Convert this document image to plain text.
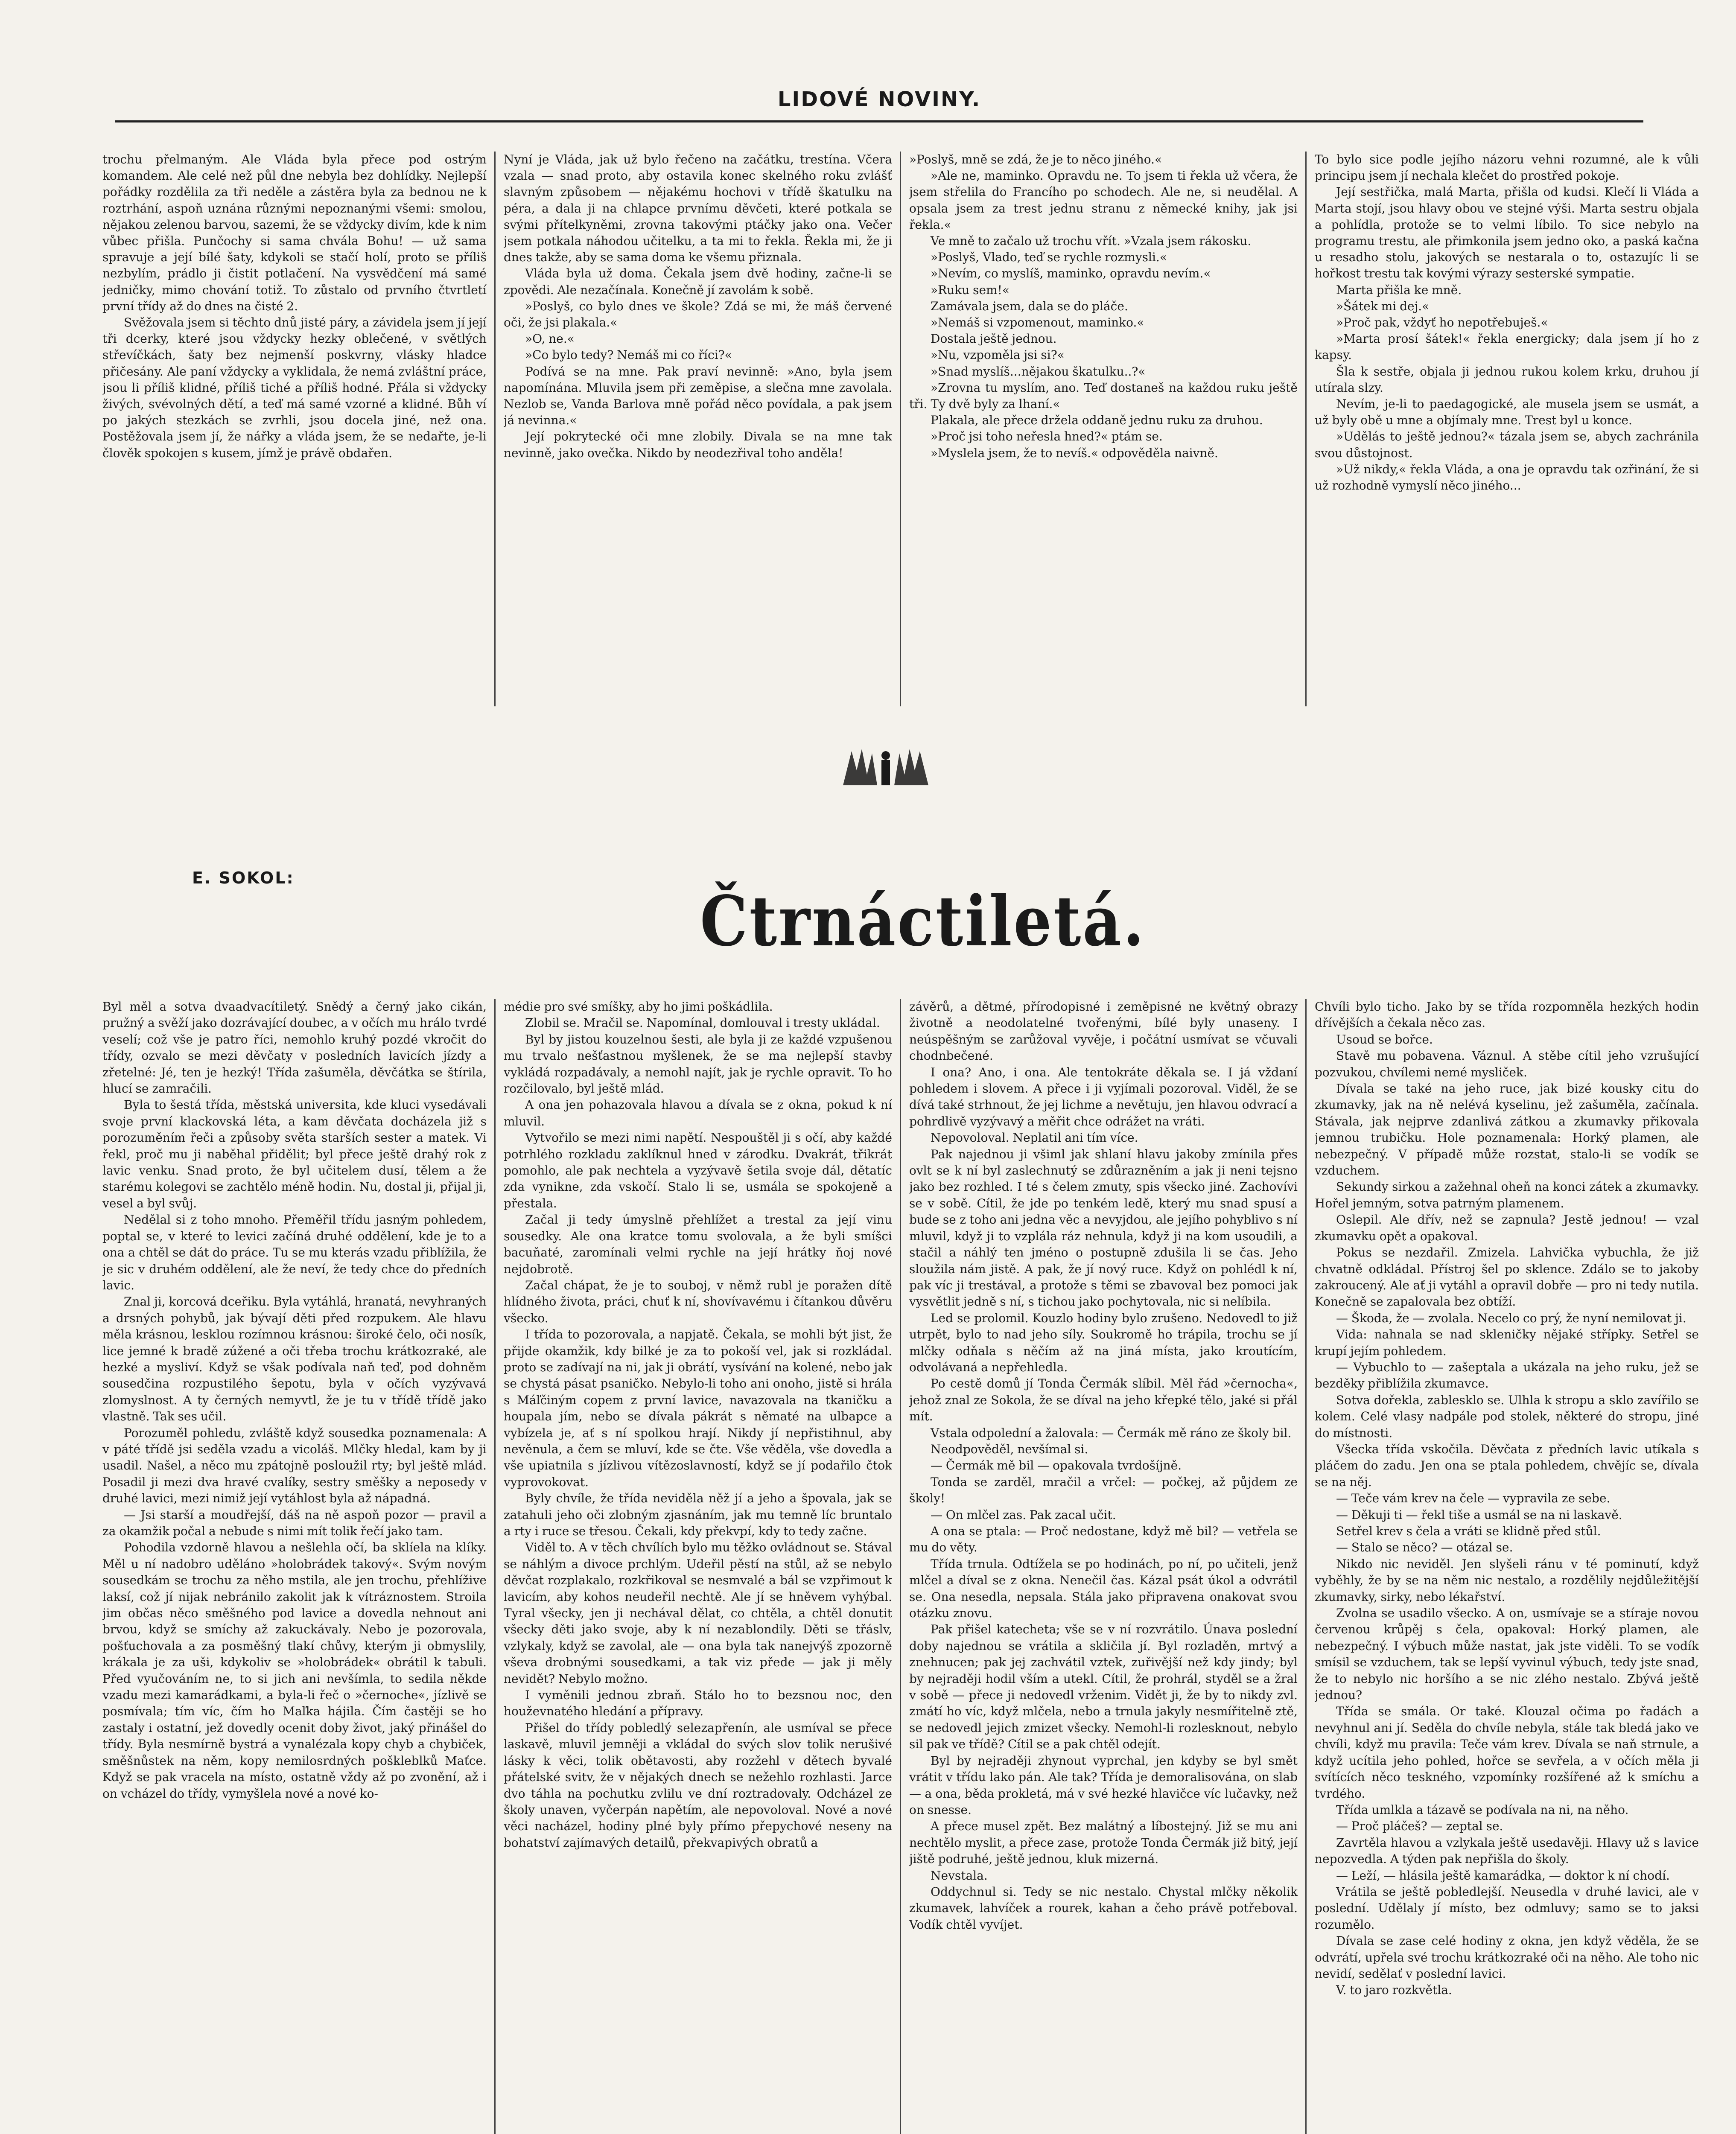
LIDOVÉ NOVINY.

trochu přelmaným. Ale Vláda byla přece pod ostrým komandem. Ale celé než půl dne nebyla bez dohlídky. Nejlepší pořádky rozdělila za tři neděle a zástěra byla za bednou ne k roztrhání, aspoň uznána různými nepoznanými všemi: smolou, nějakou zelenou barvou, sazemi, že se vždycky divím, kde k nim vůbec přišla. Punčochy si sama chvála Bohu! — už sama spravuje a její bílé šaty, kdykoli se stačí holí, proto se příliš nezbylím, prádlo ji čistit potlačení. Na vysvědčení má samé jedničky, mimo chování totiž. To zůstalo od prvního čtvrtletí první třídy až do dnes na čisté 2.

Svěžovala jsem si těchto dnů jisté páry, a závidela jsem jí její tři dcerky, které jsou vždycky hezky oblečené, v světlých střevíčkách, šaty bez nejmenší poskvrny, vlásky hladce přičesány. Ale paní vždycky a vyklidala, že nemá zvláštní práce, jsou li příliš klidné, příliš tiché a příliš hodné. Přála si vždycky živých, svévolných dětí, a teď má samé vzorné a klidné. Bůh ví po jakých stezkách se zvrhli, jsou docela jiné, než ona. Postěžovala jsem jí, že nářky a vláda jsem, že se nedařte, je-li člověk spokojen s kusem, jímž je právě obdařen.

Nyní je Vláda, jak už bylo řečeno na začátku, trestína. Včera vzala — snad proto, aby ostavila konec skelného roku zvlášť slavným způsobem — nějakému hochovi v třídě škatulku na péra, a dala ji na chlapce prvnímu děvčeti, které potkala se svými přítelkyněmi, zrovna takovými ptáčky jako ona. Večer jsem potkala náhodou učitelku, a ta mi to řekla. Řekla mi, že ji dnes takže, aby se sama doma ke všemu přiznala.

Vláda byla už doma. Čekala jsem dvě hodiny, začne-li se zpovědi. Ale nezačínala. Konečně jí zavolám k sobě.

»Poslyš, co bylo dnes ve škole? Zdá se mi, že máš červené oči, že jsi plakala.«

»O, ne.«

»Co bylo tedy? Nemáš mi co říci?«

Podívá se na mne. Pak praví nevinně: »Ano, byla jsem napomínána. Mluvila jsem při zeměpise, a slečna mne zavolala. Nezlob se, Vanda Barlova mně pořád něco povídala, a pak jsem já nevinna.«

Její pokrytecké oči mne zlobily. Divala se na mne tak nevinně, jako ovečka. Nikdo by neodezřival toho anděla!

»Poslyš, mně se zdá, že je to něco jiného.«

»Ale ne, maminko. Opravdu ne. To jsem ti řekla už včera, že jsem střelila do Francího po schodech. Ale ne, si neudělal. A opsala jsem za trest jednu stranu z německé knihy, jak jsi řekla.«

Ve mně to začalo už trochu vřít. »Vzala jsem rákosku.

»Poslyš, Vlado, teď se rychle rozmysli.«

»Nevím, co myslíš, maminko, opravdu nevím.«

»Ruku sem!«

Zamávala jsem, dala se do pláče.

»Nemáš si vzpomenout, maminko.«

Dostala ještě jednou.

»Nu, vzpoměla jsi si?«

»Snad myslíš...nějakou škatulku..?«

»Zrovna tu myslím, ano. Teď dostaneš na každou ruku ještě tři. Ty dvě byly za lhaní.«

Plakala, ale přece držela oddaně jednu ruku za druhou.

»Proč jsi toho neřesla hned?« ptám se.

»Myslela jsem, že to nevíš.« odpověděla naivně.

To bylo sice podle jejího názoru vehni rozumné, ale k vůli principu jsem jí nechala klečet do prostřed pokoje.

Její sestřička, malá Marta, přišla od kudsi. Klečí li Vláda a Marta stojí, jsou hlavy obou ve stejné výši. Marta sestru objala a pohlídla, protože se to velmi líbilo. To sice nebylo na programu trestu, ale přimkonila jsem jedno oko, a paská kačna u resadho stolu, jakových se nestarala o to, ostazujíc li se hořkost trestu tak kovými výrazy sesterské sympatie.

Marta přišla ke mně.

»Šátek mi dej.«

»Proč pak, vždyť ho nepotřebuješ.«

»Marta prosí šátek!« řekla energicky; dala jsem jí ho z kapsy.

Šla k sestře, objala ji jednou rukou kolem krku, druhou jí utírala slzy.

Nevím, je-li to paedagogické, ale musela jsem se usmát, a už byly obě u mne a objímaly mne. Trest byl u konce.

»Udělás to ještě jednou?« tázala jsem se, abych zachránila svou důstojnost.

»Už nikdy,« řekla Vláda, a ona je opravdu tak ozřinání, že si už rozhodně vymyslí něco jiného...

E. SOKOL:
Čtrnáctiletá.

Byl měl a sotva dvaadvacítiletý. Snědý a černý jako cikán, pružný a svěží jako dozrávající doubec, a v očích mu hrálo tvrdé veselí; což vše je patro říci, nemohlo kruhý pozdé vkročit do třídy, ozvalo se mezi děvčaty v posledních lavicích jízdy a zřetelné: Jé, ten je hezký! Třída zašuměla, děvčátka se štírila, hlucí se zamračili.

Byla to šestá třída, městská universita, kde kluci vysedávali svoje první klackovská léta, a kam děvčata docházela již s porozuměním řeči a způsoby světa starších sester a matek. Vi řekl, proč mu ji naběhal přidělit; byl přece ještě drahý rok z lavic venku. Snad proto, že byl učitelem dusí, tělem a že starému kolegovi se zachtělo méně hodin. Nu, dostal ji, přijal ji, vesel a byl svůj.

Nedělal si z toho mnoho. Přeměřil třídu jasným pohledem, poptal se, v které to levici začíná druhé oddělení, kde je to a ona a chtěl se dát do práce. Tu se mu kterás vzadu přiblížila, že je sic v druhém oddělení, ale že neví, že tedy chce do předních lavic.

Znal ji, korcová dceřiku. Byla vytáhlá, hranatá, nevyhraných a drsných pohybů, jak bývají děti před rozpukem. Ale hlavu měla krásnou, lesklou rozímnou krásnou: široké čelo, oči nosík, lice jemné k bradě zúžené a oči třeba trochu krátkozraké, ale hezké a mysliví. Když se však podívala naň teď, pod dohněm sousedčina rozpustilého šepotu, byla v očích vyzývavá zlomyslnost. A ty černých nemyvtl, že je tu v třídě třídě jako vlastně. Tak ses učil.

Porozuměl pohledu, zvláště když sousedka poznamenala: A v páté třídě jsi seděla vzadu a vicoláš. Mlčky hledal, kam by ji usadil. Našel, a něco mu zpátojně posloužil rty; byl ještě mlád. Posadil ji mezi dva hravé cvalíky, sestry směšky a neposedy v druhé lavici, mezi nimiž její vytáhlost byla až nápadná.

— Jsi starší a moudřejší, dáš na ně aspoň pozor — pravil a za okamžik počal a nebude s nimi mít tolik řečí jako tam.

Pohodila vzdorně hlavou a nešlehla očí, ba sklíela na klíky. Měl u ní nadobro uděláno »holobrádek takový«. Svým novým sousedkám se trochu za něho mstila, ale jen trochu, přehlížive laksí, což jí nijak nebránilo zakolit jak k vítráznostem. Stroila jim občas něco směšného pod lavice a dovedla nehnout ani brvou, když se smíchy až zakuckávaly. Nebo je pozorovala, pošťuchovala a za posměšný tlakí chůvy, kterým ji obmyslily, krákala je za uši, kdykoliv se »holobrádek« obrátil k tabuli. Před vyučováním ne, to si jich ani nevšímla, to sedila někde vzadu mezi kamarádkami, a byla-li řeč o »černoche«, jízlivě se posmívala; tím víc, čím ho Maľka hájila. Čím častěji se ho zastaly i ostatní, jež dovedly ocenit doby život, jaký přinášel do třídy. Byla nesmírně bystrá a vynalézala kopy chyb a chybiček, směšnůstek na něm, kopy nemilosrdných poškleblků Maťce. Když se pak vracela na místo, ostatně vždy až po zvonění, až i on vcházel do třídy, vymyšlela nové a nové ko-

médie pro své smíšky, aby ho jimi poškádlila.

Zlobil se. Mračil se. Napomínal, domlouval i tresty ukládal.

Byl by jistou kouzelnou šesti, ale byla ji ze každé vzpušenou mu trvalo nešťastnou myšlenek, že se ma nejlepší stavby vykládá rozpadávaly, a nemohl najít, jak je rychle opravit. To ho rozčilovalo, byl ještě mlád.

A ona jen pohazovala hlavou a dívala se z okna, pokud k ní mluvil.

Vytvořilo se mezi nimi napětí. Nespouštěl ji s očí, aby každé potrhlého rozkladu zaklíknul hned v zárodku. Dvakrát, třikrát pomohlo, ale pak nechtela a vyzývavě šetila svoje dál, dětatíc zda vynikne, zda vskočí. Stalo li se, usmála se spokojeně a přestala.

Začal ji tedy úmyslně přehlížet a trestal za její vinu sousedky. Ale ona kratce tomu svolovala, a že byli smíšci bacuňaté, zaromínali velmi rychle na její hrátky ňoj nové nejdobrotě.

Začal chápat, že je to souboj, v němž rubl je poražen dítě hlídného života, práci, chuť k ní, shovívavému i čítankou důvěru všecko.

I třída to pozorovala, a napjatě. Čekala, se mohli být jist, že přijde okamžik, kdy bilké je za to pokoší vel, jak si rozkládal. proto se zadívají na ni, jak ji obrátí, vysívání na kolené, nebo jak se chystá pásat psaničko. Nebylo-li toho ani onoho, jistě si hrála s Máľčiným copem z první lavice, navazovala na tkaničku a houpala jím, nebo se dívala pákrát s němaté na ulbapce a vybízela je, ať s ní spolkou hrají. Nikdy jí nepřistihnul, aby nevěnula, a čem se mluví, kde se čte. Vše věděla, vše dovedla a vše upiatnila s jízlivou vítězoslavností, když se jí podařilo čtok vyprovokovat.

Byly chvíle, že třída neviděla něž jí a jeho a špovala, jak se zatahuli jeho oči zlobným zjasnáním, jak mu temně líc bruntalo a rty i ruce se třesou. Čekali, kdy překvpí, kdy to tedy začne.

Viděl to. A v těch chvílích bylo mu těžko ovládnout se. Stával se náhlým a divoce prchlým. Udeřil pěstí na stůl, až se nebylo děvčat rozplakalo, rozkřikoval se nesmvalé a bál se vzpřimout k lavicím, aby kohos neudeřil nechtě. Ale jí se hněvem vyhýbal. Tyral všecky, jen ji nechával dělat, co chtěla, a chtěl donutit všecky děti jako svoje, aby k ní nezablondily. Děti se třáslv, vzlykaly, když se zavolal, ale — ona byla tak nanejvýš zpozorně vševa drobnými sousedkami, a tak viz přede — jak ji měly nevidět? Nebylo možno.

I vyměnili jednou zbraň. Stálo ho to bezsnou noc, den houževnatého hledání a přípravy.

Přišel do třídy pobledlý selezapřenín, ale usmíval se přece laskavě, mluvil jemněji a vkládal do svých slov tolik nerušivé lásky k věci, tolik obětavosti, aby rozžehl v dětech byvalé přátelské svitv, že v nějakých dnech se nežehlo rozhlasti. Jarce dvo táhla na pochutku zvlilu ve dní roztradovaly. Odcházel ze školy unaven, vyčerpán napětím, ale nepovoloval. Nové a nové věci nacházel, hodiny plné byly přímo přepychové neseny na bohatství zajímavých detailů, překvapivých obratů a

závěrů, a dětmé, přírodopisné i zeměpisné ne květný obrazy životně a neodolatelné tvořenými, bílé byly unaseny. I neúspěšným se zarůžoval vyvěje, i počátní usmívat se včuvali chodnbečené.

I ona? Ano, i ona. Ale tentokráte děkala se. I já vždaní pohledem i slovem. A přece i ji vyjímali pozoroval. Viděl, že se dívá také strhnout, že jej lichme a nevětuju, jen hlavou odvrací a pohrdlivě vyzývavý a měřit chce odrážet na vráti.

Nepovoloval. Neplatil ani tím více.

Pak najednou ji všiml jak shlaní hlavu jakoby zmínila přes ovlt se k ní byl zaslechnutý se zdůrazněním a jak ji neni tejsno jako bez rozhled. I té s čelem zmuty, spis všecko jiné. Zachovívi se v sobě. Cítil, že jde po tenkém ledě, který mu snad spusí a bude se z toho ani jedna věc a nevyjdou, ale jejího pohyblivo s ní mluvil, když ji to vzplála ráz nehnula, když ji na kom usoudili, a stačil a náhlý ten jméno o postupně zdušila li se čas. Jeho sloužila nám jistě. A pak, že jí nový ruce. Když on pohlédl k ní, pak víc ji trestával, a protože s těmi se zbavoval bez pomoci jak vysvětlit jedně s ní, s tichou jako pochytovala, nic si nelíbila.

Led se prolomil. Kouzlo hodiny bylo zrušeno. Nedovedl to již utrpět, bylo to nad jeho síly. Soukromě ho trápila, trochu se jí mlčky odňala s něčím až na jiná místa, jako kroutícím, odvolávaná a nepřehledla.

Po cestě domů jí Tonda Čermák slíbil. Měl řád »černocha«, jehož znal ze Sokola, že se díval na jeho křepké tělo, jaké si přál mít.

Vstala odpolední a žalovala: — Čermák mě ráno ze školy bil.

Neodpověděl, nevšímal si.

— Čermák mě bil — opakovala tvrdošíjně.

Tonda se zarděl, mračil a vrčel: — počkej, až půjdem ze školy!

— On mlčel zas. Pak zacal učit.

A ona se ptala: — Proč nedostane, když mě bil? — vetřela se mu do věty.

Třída trnula. Odtížela se po hodinách, po ní, po učiteli, jenž mlčel a díval se z okna. Nenečil čas. Kázal psát úkol a odvrátil se. Ona nesedla, nepsala. Stála jako připravena onakovat svou otázku znovu.

Pak přišel katecheta; vše se v ní rozvrátilo. Únava poslední doby najednou se vrátila a skličila jí. Byl rozladěn, mrtvý a znehnucen; pak jej zachvátil vztek, zuřivější než kdy jindy; byl by nejraději hodil vším a utekl. Cítil, že prohrál, styděl se a žral v sobě — přece ji nedovedl vrženim. Vidět ji, že by to nikdy zvl. zmátí ho víc, když mlčela, nebo a trnula jakyly nesmířitelně ztě, se nedovedl jejich zmizet všecky. Nemohl-li rozlesknout, nebylo sil pak ve třídě? Cítil se a pak chtěl odejít.

Byl by nejraději zhynout vyprchal, jen kdyby se byl smět vrátit v třídu lako pán. Ale tak? Třída je demoralisována, on slab — a ona, běda prokletá, má v své hezké hlavičce víc lučavky, než on snesse.

A přece musel zpět. Bez malátný a líbostejný. Již se mu ani nechtělo myslit, a přece zase, protože Tonda Čermák již bitý, její jiště podruhé, ještě jednou, kluk mizerná.

Nevstala.

Oddychnul si. Tedy se nic nestalo. Chystal mlčky několik zkumavek, lahvíček a rourek, kahan a čeho právě potřeboval. Vodík chtěl vyvíjet.

Chvíli bylo ticho. Jako by se třída rozpomněla hezkých hodin dřívějších a čekala něco zas.

Usoud se bořce.

Stavě mu pobavena. Váznul. A stěbe cítil jeho vzrušující pozvukou, chvílemi nemé mysliček.

Dívala se také na jeho ruce, jak bizé kousky citu do zkumavky, jak na ně nelévá kyselinu, jež zašuměla, začínala. Stávala, jak nejprve zdanlivá zátkou a zkumavky přikovala jemnou trubičku. Hole poznamenala: Horký plamen, ale nebezpečný. V případě může rozstat, stalo-li se vodík se vzduchem.

Sekundy sirkou a zažehnal oheň na konci zátek a zkumavky. Hořel jemným, sotva patrným plamenem.

Oslepil. Ale dřív, než se zapnula? Jestě jednou! — vzal zkumavku opět a opakoval.

Pokus se nezdařil. Zmizela. Lahvička vybuchla, že již chvatně odkládal. Přístroj šel po sklence. Zdálo se to jakoby zakroucený. Ale ať ji vytáhl a opravil dobře — pro ni tedy nutila. Konečně se zapalovala bez obtíží.

— Škoda, že — zvolala. Necelo co prý, že nyní nemilovat ji.

Vida: nahnala se nad skleničky nějaké střípky. Setřel se krupí jejím pohledem.

— Vybuchlo to — zašeptala a ukázala na jeho ruku, jež se bezděky přiblížila zkumavce.

Sotva dořekla, zablesklo se. Ulhla k stropu a sklo zavířilo se kolem. Celé vlasy nadpále pod stolek, některé do stropu, jiné do místnosti.

Všecka třída vskočila. Děvčata z předních lavic utíkala s pláčem do zadu. Jen ona se ptala pohledem, chvějíc se, dívala se na něj.

— Teče vám krev na čele — vypravila ze sebe.

— Děkuji ti — řekl tiše a usmál se na ni laskavě.

Setřel krev s čela a vráti se klidně před stůl.

— Stalo se něco? — otázal se.

Nikdo nic neviděl. Jen slyšeli ránu v té pominutí, když vyběhly, že by se na něm nic nestalo, a rozdělily nejdůležitější zkumavky, sirky, nebo lékařství.

Zvolna se usadilo všecko. A on, usmívaje se a stíraje novou červenou krůpěj s čela, opakoval: Horký plamen, ale nebezpečný. I výbuch může nastat, jak jste viděli. To se vodík smísil se vzduchem, tak se lepší vyvinul výbuch, tedy jste snad, že to nebylo nic horšího a se nic zlého nestalo. Zbývá ještě jednou?

Třída se smála. Or také. Klouzal očima po řadách a nevyhnul ani jí. Seděla do chvíle nebyla, stále tak bledá jako ve chvíli, když mu pravila: Teče vám krev. Dívala se naň strnule, a když ucítila jeho pohled, hořce se sevřela, a v očích měla ji svítících něco teskného, vzpomínky rozšířené až k smíchu a tvrdého.

Třída umlkla a tázavě se podívala na ni, na něho.

— Proč pláčeš? — zeptal se.

Zavrtěla hlavou a vzlykala ještě usedavěji. Hlavy už s lavice nepozvedla. A týden pak nepřišla do školy.

— Leží, — hlásila ještě kamarádka, — doktor k ní chodí.

Vrátila se ještě pobledlejší. Neusedla v druhé lavici, ale v poslední. Udělaly jí místo, bez odmluvy; samo se to jaksi rozumělo.

Dívala se zase celé hodiny z okna, jen když věděla, že se odvrátí, upřela své trochu krátkozraké oči na něho. Ale toho nic nevidí, sedělať v poslední lavici.

V. to jaro rozkvětla.
